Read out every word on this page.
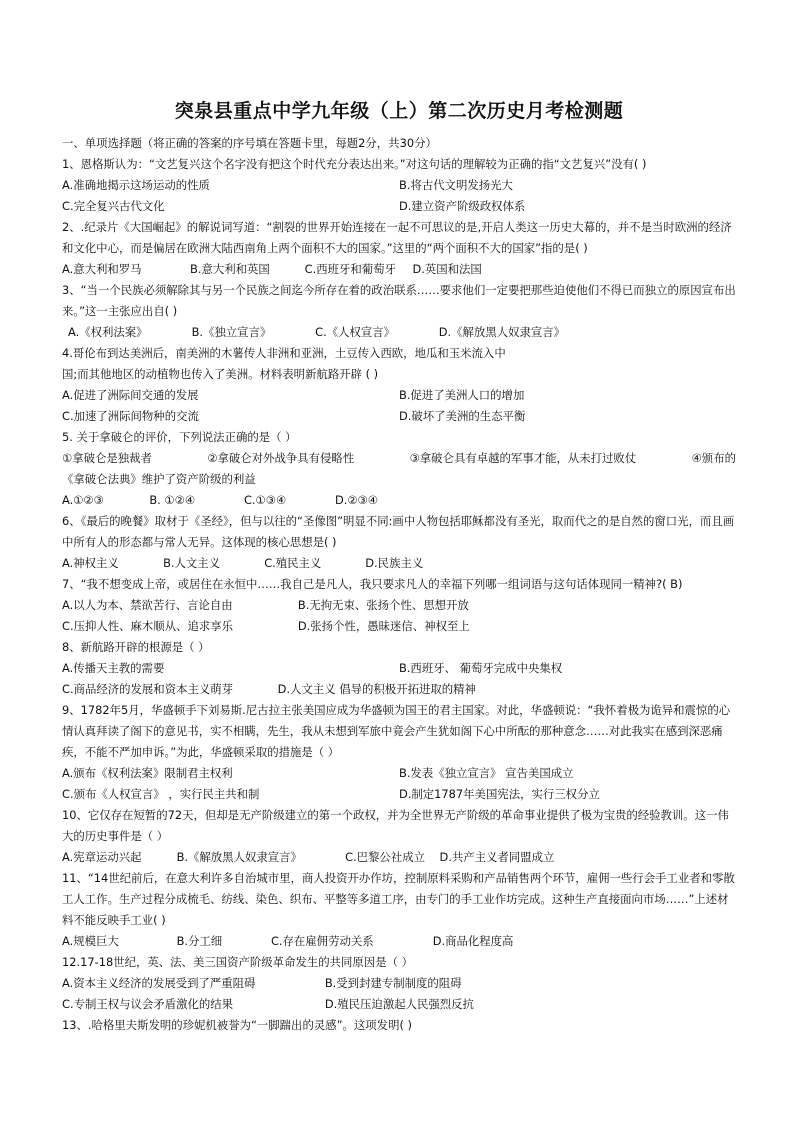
突泉县重点中学九年级（上）第二次历史月考检测题

一、单项选择题（将正确的答案的序号填在答题卡里，每题2分，共30分）

1、恩格斯认为：“文艺复兴这个名字没有把这个时代充分表达出来。”对这句话的理解较为正确的指“文艺复兴”没有( )

A.准确地揭示这场运动的性质	B.将古代文明发扬光大
C.完全复兴古代文化	D.建立资产阶级政权体系

2、.纪录片《大国崛起》的解说词写道：“割裂的世界开始连接在一起不可思议的是,开启人类这一历史大幕的，并不是当时欧洲的经济和文化中心，而是偏居在欧洲大陆西南角上两个面积不大的国家。”这里的“两个面积不大的国家”指的是( )

A.意大利和罗马	B.意大利和英国	C.西班牙和葡萄牙	D.英国和法国

3、“当一个民族必须解除其与另一个民族之间迄今所存在着的政治联系……要求他们一定要把那些迫使他们不得已而独立的原因宣布出来。”这一主张应出自( )

A.《权利法案》	B.《独立宣言》	C.《人权宣言》	D.《解放黑人奴隶宣言》

4.哥伦布到达美洲后，南美洲的木薯传人非洲和亚洲，土豆传入西欧，地瓜和玉米流入中

国;而其他地区的动植物也传入了美洲。材料表明新航路开辟 ( )

A.促进了洲际间交通的发展	B.促进了美洲人口的增加
C.加速了洲际间物种的交流	D.破坏了美洲的生态平衡

5. 关于拿破仑的评价，下列说法正确的是（ ）

①拿破仑是独裁者	②拿破仑对外战争具有侵略性	③拿破仑具有卓越的军事才能，从未打过败仗	④颁布的

《拿破仑法典》维护了资产阶级的利益

A.①②③	B. ①②④	C.①③④	D.②③④

6、《最后的晚餐》取材于《圣经》，但与以往的“圣像图”明显不同:画中人物包括耶稣都没有圣光，取而代之的是自然的窗口光，而且画中所有人的形态都与常人无异。这体现的核心思想是( )

A.神权主义	B.人文主义	C.殖民主义	D.民族主义

7、“我不想变成上帝，或居住在永恒中……我自己是凡人，我只要求凡人的幸福下列哪一组词语与这句话体现同一精神?( B)

A.以人为本、禁欲苦行、言论自由	B.无拘无束、张扬个性、思想开放
C.压抑人性、麻木顺从、追求享乐	D.张扬个性，愚昧迷信、神权至上

8、新航路开辟的根源是（ ）

A.传播天主教的需要	B.西班牙、 葡萄牙完成中央集权
C.商品经济的发展和资本主义萌芽	D.人文主义 倡导的积极开拓进取的精神

9、1782年5月，华盛顿手下刘易斯.尼古拉主张美国应成为华盛顿为国王的君主国家。对此，华盛顿说：“我怀着极为诡异和震惊的心情认真拜读了阁下的意见书，实不相瞒，先生，我从未想到军旅中竟会产生犹如阁下心中所酝的那种意念……对此我实在感到深恶痛疾，不能不严加申诉。”为此，华盛顿采取的措施是（ ）

A.颁布《权利法案》限制君主权利	B.发表《独立宣言》 宣告美国成立
C.颁布《人权宣言》 ，实行民主共和制	D.制定1787年美国宪法，实行三权分立

10、它仅存在短暂的72天，但却是无产阶级建立的第一个政权，并为全世界无产阶级的革命事业提供了极为宝贵的经验教训。这一伟大的历史事件是（ ）

A.宪章运动兴起	B.《解放黑人奴隶宣言》	C.巴黎公社成立	D.共产主义者同盟成立

11、“14世纪前后，在意大利许多自治城市里，商人投资开办作坊，控制原料采购和产品销售两个环节，雇佣一些行会手工业者和零散工人工作。生产过程分成梳毛、纺线、染色、织布、平整等多道工序，由专门的手工业作坊完成。这种生产直接面向市场……”上述材料不能反映手工业( )

A.规模巨大	B.分工细	C.存在雇佣劳动关系	D.商品化程度高

12.17-18世纪，英、法、美三国资产阶级革命发生的共同原因是（ ）

A.资本主义经济的发展受到了严重阻碍	B.受到封建专制制度的阻碍
C.专制王权与议会矛盾激化的结果	D.殖民压迫激起人民强烈反抗

13、.哈格里夫斯发明的珍妮机被誉为“一脚踹出的灵感”。这项发明( )
